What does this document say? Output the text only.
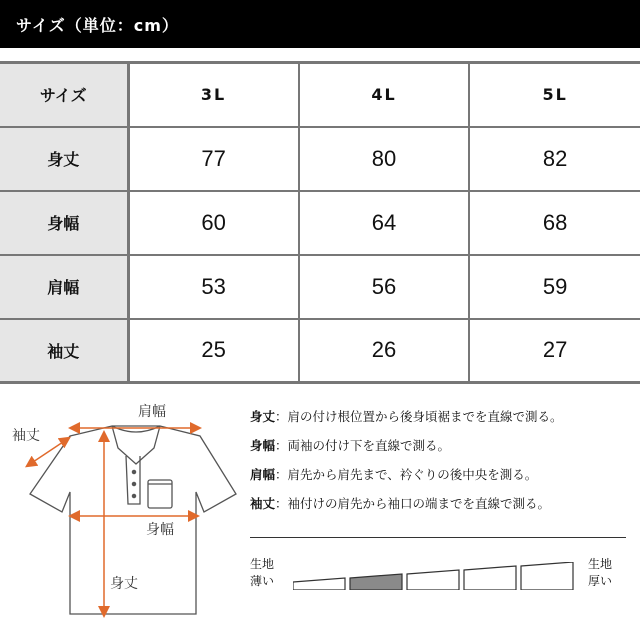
サイズ（単位：cm）
サイズ	3L	4L	5L
身丈	77	80	82
身幅	60	64	68
肩幅	53	56	59
袖丈	25	26	27
肩幅
袖丈
身幅
身丈
身丈：肩の付け根位置から後身頃裾までを直線で測る。
身幅：両袖の付け下を直線で測る。
肩幅：肩先から肩先まで、衿ぐりの後中央を測る。
袖丈：袖付けの肩先から袖口の端までを直線で測る。
生地
薄い
生地
厚い
